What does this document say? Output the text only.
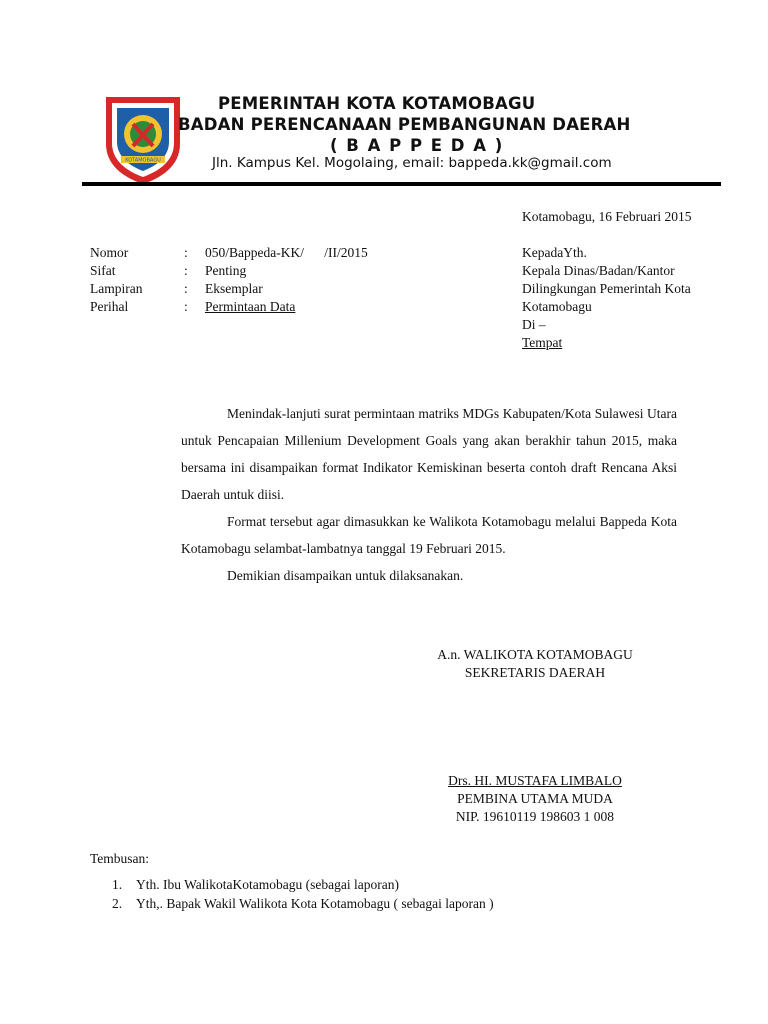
KOTAMOBAGU
PEMERINTAH KOTA KOTAMOBAGU
BADAN PERENCANAAN PEMBANGUNAN DAERAH
( B A P P E D A )
Jln. Kampus Kel. Mogolaing, email: bappeda.kk@gmail.com
Kotamobagu, 16 Februari 2015
Nomor	: 050/Bappeda-KK/      /II/2015
Sifat	: Penting
Lampiran	: Eksemplar
Perihal	: Permintaan Data
KepadaYth.
Kepala Dinas/Badan/Kantor
Dilingkungan Pemerintah Kota
Kotamobagu
Di –
Tempat

Menindak-lanjuti surat permintaan matriks MDGs Kabupaten/Kota Sulawesi Utara untuk Pencapaian Millenium Development Goals yang akan berakhir tahun 2015, maka bersama ini disampaikan format Indikator Kemiskinan beserta contoh draft Rencana Aksi Daerah untuk diisi.

Format tersebut agar dimasukkan ke Walikota Kotamobagu melalui Bappeda Kota Kotamobagu selambat-lambatnya tanggal 19 Februari 2015.

Demikian disampaikan untuk dilaksanakan.

A.n. WALIKOTA KOTAMOBAGU
SEKRETARIS DAERAH
Drs. HI. MUSTAFA LIMBALO
PEMBINA UTAMA MUDA
NIP. 19610119 198603 1 008
Tembusan:
1. Yth. Ibu WalikotaKotamobagu (sebagai laporan)
2. Yth,. Bapak Wakil Walikota Kota Kotamobagu ( sebagai laporan )
